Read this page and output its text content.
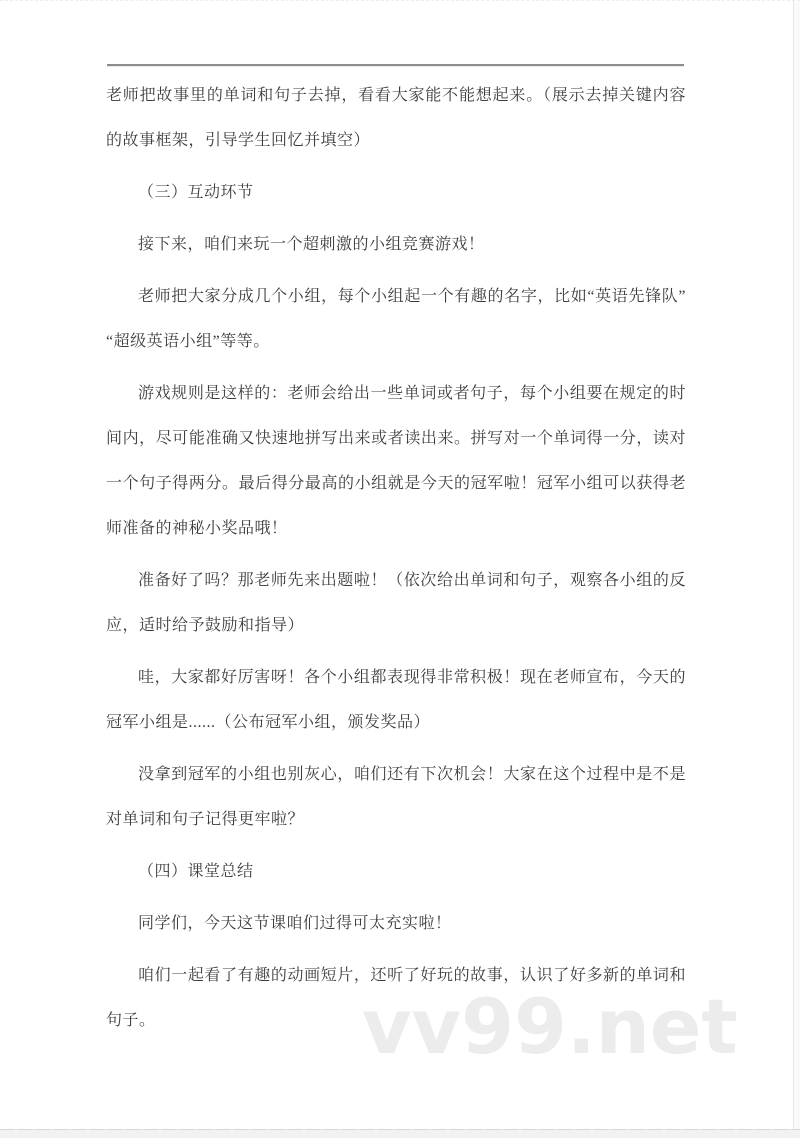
vv99.net

老师把故事里的单词和句子去掉，看看大家能不能想起来。（展示去掉关键内容的故事框架，引导学生回忆并填空）

（三）互动环节

接下来，咱们来玩一个超刺激的小组竞赛游戏！

老师把大家分成几个小组，每个小组起一个有趣的名字，比如“英语先锋队”“超级英语小组”等等。

游戏规则是这样的：老师会给出一些单词或者句子，每个小组要在规定的时间内，尽可能准确又快速地拼写出来或者读出来。拼写对一个单词得一分，读对一个句子得两分。最后得分最高的小组就是今天的冠军啦！冠军小组可以获得老师准备的神秘小奖品哦！

准备好了吗？那老师先来出题啦！（依次给出单词和句子，观察各小组的反应，适时给予鼓励和指导）

哇，大家都好厉害呀！各个小组都表现得非常积极！现在老师宣布，今天的冠军小组是......（公布冠军小组，颁发奖品）

没拿到冠军的小组也别灰心，咱们还有下次机会！大家在这个过程中是不是对单词和句子记得更牢啦？

（四）课堂总结

同学们，今天这节课咱们过得可太充实啦！

咱们一起看了有趣的动画短片，还听了好玩的故事，认识了好多新的单词和句子。
